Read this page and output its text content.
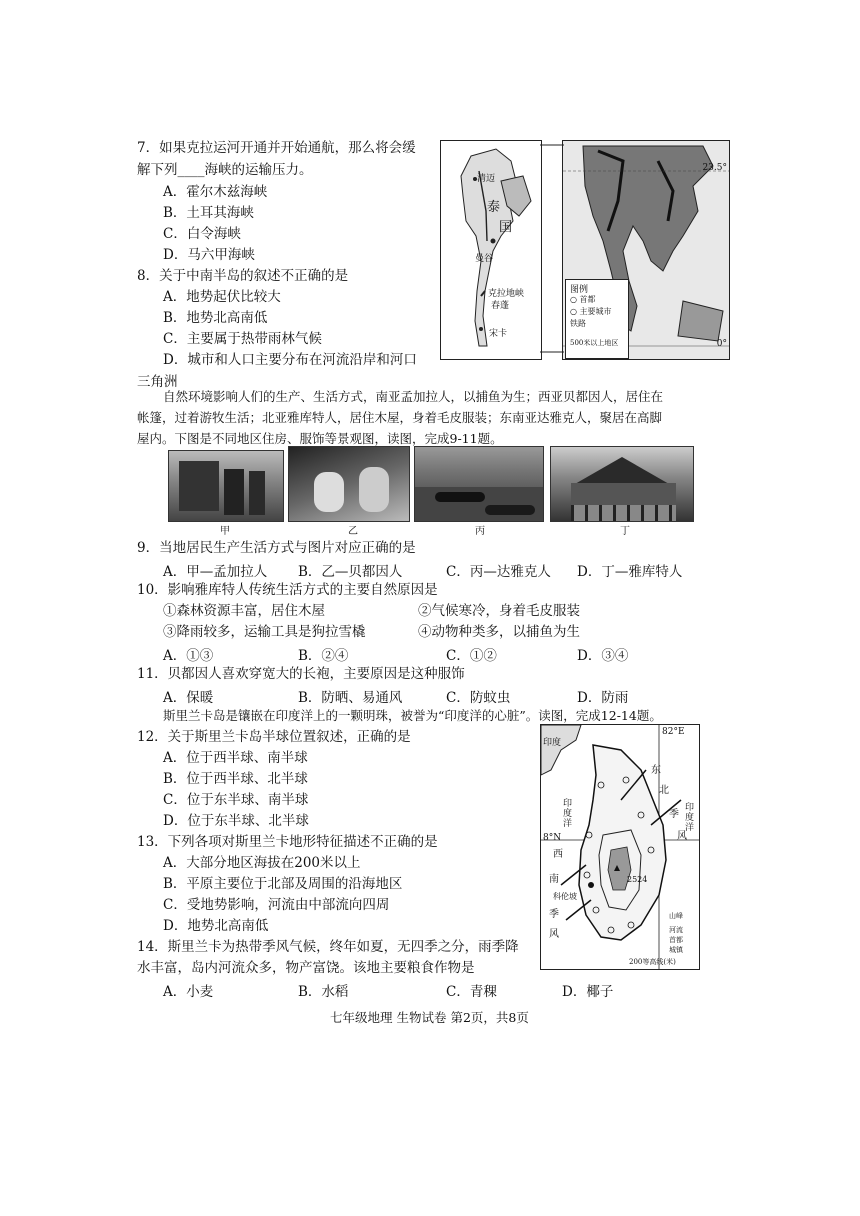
7．如果克拉运河开通并开始通航，那么将会缓
解下列____海峡的运输压力。
A．霍尔木兹海峡
B．土耳其海峡
C．白令海峡
D．马六甲海峡
8．关于中南半岛的叙述不正确的是
A．地势起伏比较大
B．地势北高南低
C．主要属于热带雨林气候
D．城市和人口主要分布在河流沿岸和河口
三角洲
清迈
泰
国
曼谷
克拉地峡
春蓬
宋卡
23.5°
图例
○ 首都
○ 主要城市
铁路
500米以上地区	0°
自然环境影响人们的生产、生活方式，南亚孟加拉人，以捕鱼为生；西亚贝都因人，居住在
帐篷，过着游牧生活；北亚雅库特人，居住木屋，身着毛皮服装；东南亚达雅克人，聚居在高脚
屋内。下图是不同地区住房、服饰等景观图，读图，完成9-11题。
甲	乙	丙	丁
9．当地居民生产生活方式与图片对应正确的是
A．甲—孟加拉人 B．乙—贝都因人	C．丙—达雅克人 D．丁—雅库特人
10．影响雅库特人传统生活方式的主要自然原因是
①森林资源丰富，居住木屋	②气候寒冷，身着毛皮服装
③降雨较多，运输工具是狗拉雪橇	④动物种类多，以捕鱼为生
A．①③	B．②④	C．①②	D．③④
11．贝都因人喜欢穿宽大的长袍，主要原因是这种服饰
A．保暖	B．防晒、易通风	C．防蚊虫	D．防雨
斯里兰卡岛是镶嵌在印度洋上的一颗明珠，被誉为“印度洋的心脏”。读图，完成12-14题。
12．关于斯里兰卡岛半球位置叙述，正确的是
A．位于西半球、南半球
B．位于西半球、北半球
C．位于东半球、南半球
D．位于东半球、北半球
13．下列各项对斯里兰卡地形特征描述不正确的是
A．大部分地区海拔在200米以上
B．平原主要位于北部及周围的沿海地区
C．受地势影响，河流由中部流向四周
D．地势北高南低
14．斯里兰卡为热带季风气候，终年如夏，无四季之分，雨季降
水丰富，岛内河流众多，物产富饶。该地主要粮食作物是
A．小麦	B．水稻	C．青稞	D．椰子
印度
82°E
东
北
季
风
印度洋
印度洋
8°N
西
南
季
风
科伦坡
2524
山峰
河流
首都
城镇
200等高线(米)
七年级地理 生物试卷 第2页，共8页
